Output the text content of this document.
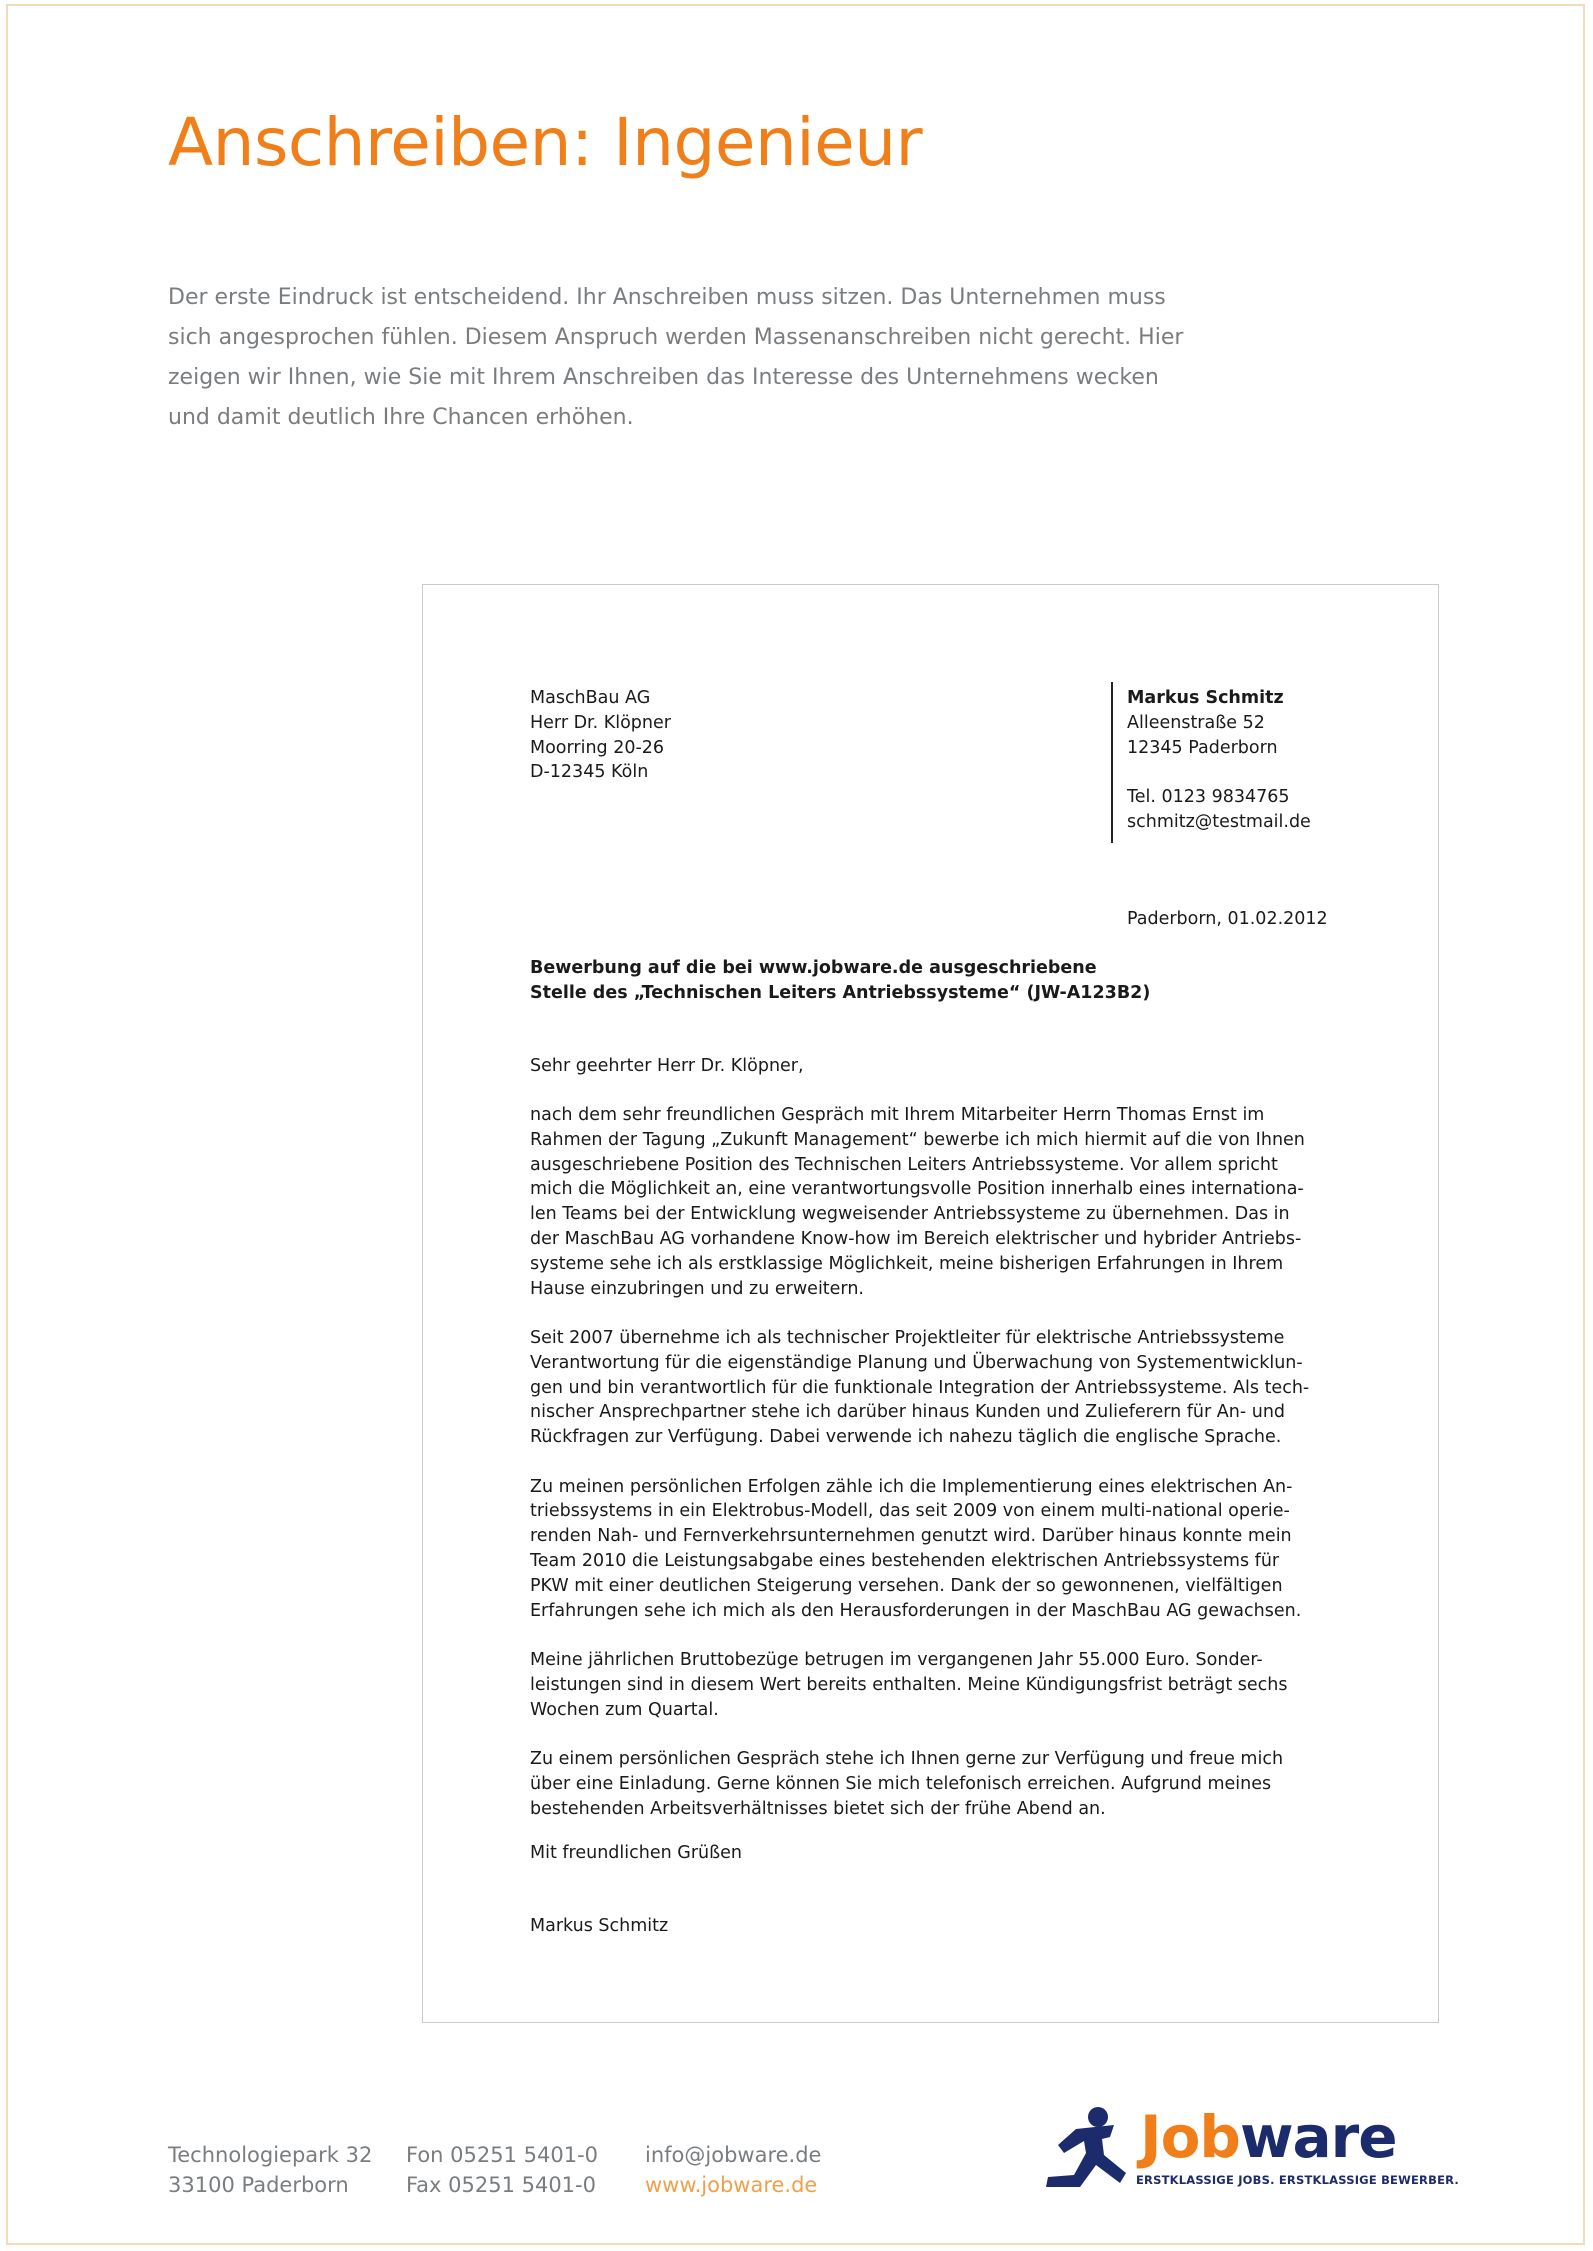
Anschreiben: Ingenieur
Der erste Eindruck ist entscheidend. Ihr Anschreiben muss sitzen. Das Unternehmen muss
sich angesprochen fühlen. Diesem Anspruch werden Massenanschreiben nicht gerecht. Hier
zeigen wir Ihnen, wie Sie mit Ihrem Anschreiben das Interesse des Unternehmens wecken
und damit deutlich Ihre Chancen erhöhen.
MaschBau AG
Herr Dr. Klöpner
Moorring 20-26
D-12345 Köln
Markus Schmitz
Alleenstraße 52
12345 Paderborn
Tel. 0123 9834765
schmitz@testmail.de
Paderborn, 01.02.2012
Bewerbung auf die bei www.jobware.de ausgeschriebene
Stelle des „Technischen Leiters Antriebssysteme“ (JW-A123B2)
Sehr geehrter Herr Dr. Klöpner,

nach dem sehr freundlichen Gespräch mit Ihrem Mitarbeiter Herrn Thomas Ernst im
Rahmen der Tagung „Zukunft Management“ bewerbe ich mich hiermit auf die von Ihnen
ausgeschriebene Position des Technischen Leiters Antriebssysteme. Vor allem spricht
mich die Möglichkeit an, eine verantwortungsvolle Position innerhalb eines internationa-
len Teams bei der Entwicklung wegweisender Antriebssysteme zu übernehmen. Das in
der MaschBau AG vorhandene Know-how im Bereich elektrischer und hybrider Antriebs-
systeme sehe ich als erstklassige Möglichkeit, meine bisherigen Erfahrungen in Ihrem
Hause einzubringen und zu erweitern.

Seit 2007 übernehme ich als technischer Projektleiter für elektrische Antriebssysteme
Verantwortung für die eigenständige Planung und Überwachung von Systementwicklun-
gen und bin verantwortlich für die funktionale Integration der Antriebssysteme. Als tech-
nischer Ansprechpartner stehe ich darüber hinaus Kunden und Zulieferern für An- und
Rückfragen zur Verfügung. Dabei verwende ich nahezu täglich die englische Sprache.

Zu meinen persönlichen Erfolgen zähle ich die Implementierung eines elektrischen An-
triebssystems in ein Elektrobus-Modell, das seit 2009 von einem multi-national operie-
renden Nah- und Fernverkehrsunternehmen genutzt wird. Darüber hinaus konnte mein
Team 2010 die Leistungsabgabe eines bestehenden elektrischen Antriebssystems für
PKW mit einer deutlichen Steigerung versehen. Dank der so gewonnenen, vielfältigen
Erfahrungen sehe ich mich als den Herausforderungen in der MaschBau AG gewachsen.

Meine jährlichen Bruttobezüge betrugen im vergangenen Jahr 55.000 Euro. Sonder-
leistungen sind in diesem Wert bereits enthalten. Meine Kündigungsfrist beträgt sechs
Wochen zum Quartal.

Zu einem persönlichen Gespräch stehe ich Ihnen gerne zur Verfügung und freue mich
über eine Einladung. Gerne können Sie mich telefonisch erreichen. Aufgrund meines
bestehenden Arbeitsverhältnisses bietet sich der frühe Abend an.

Mit freundlichen Grüßen
Markus Schmitz
Technologiepark 32
33100 Paderborn
Fon 05251 5401-0
Fax 05251 5401-0
info@jobware.de
www.jobware.de
Jobware
ERSTKLASSIGE JOBS. ERSTKLASSIGE BEWERBER.
